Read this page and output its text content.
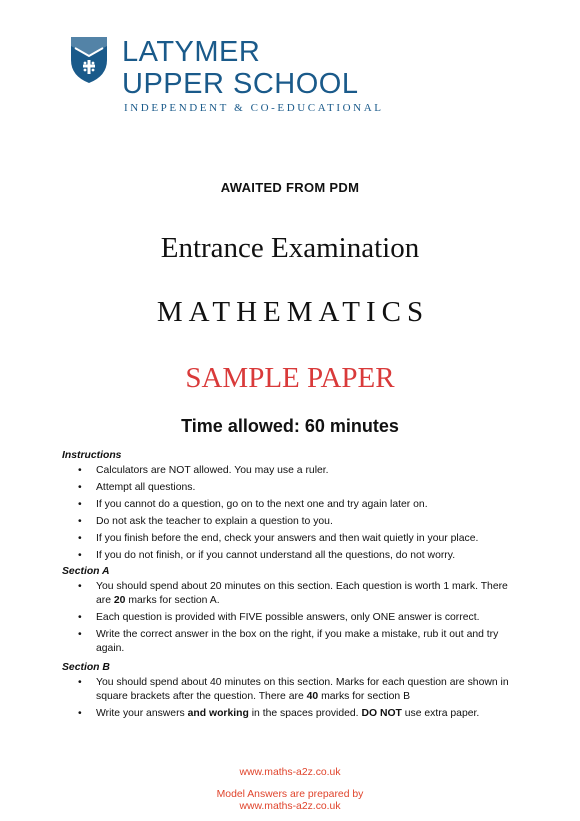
LATYMER
UPPER SCHOOL
INDEPENDENT & CO-EDUCATIONAL
AWAITED FROM PDM
Entrance Examination
MATHEMATICS
SAMPLE PAPER
Time allowed: 60 minutes
Instructions
• Calculators are NOT allowed. You may use a ruler.
• Attempt all questions.
• If you cannot do a question, go on to the next one and try again later on.
• Do not ask the teacher to explain a question to you.
• If you finish before the end, check your answers and then wait quietly in your place.
• If you do not finish, or if you cannot understand all the questions, do not worry.
Section A
• You should spend about 20 minutes on this section. Each question is worth 1 mark. There are 20 marks for section A.
• Each question is provided with FIVE possible answers, only ONE answer is correct.
• Write the correct answer in the box on the right, if you make a mistake, rub it out and try again.
Section B
• You should spend about 40 minutes on this section. Marks for each question are shown in square brackets after the question. There are 40 marks for section B
• Write your answers and working in the spaces provided. DO NOT use extra paper.
www.maths-a2z.co.uk
Model Answers are prepared by
www.maths-a2z.co.uk
